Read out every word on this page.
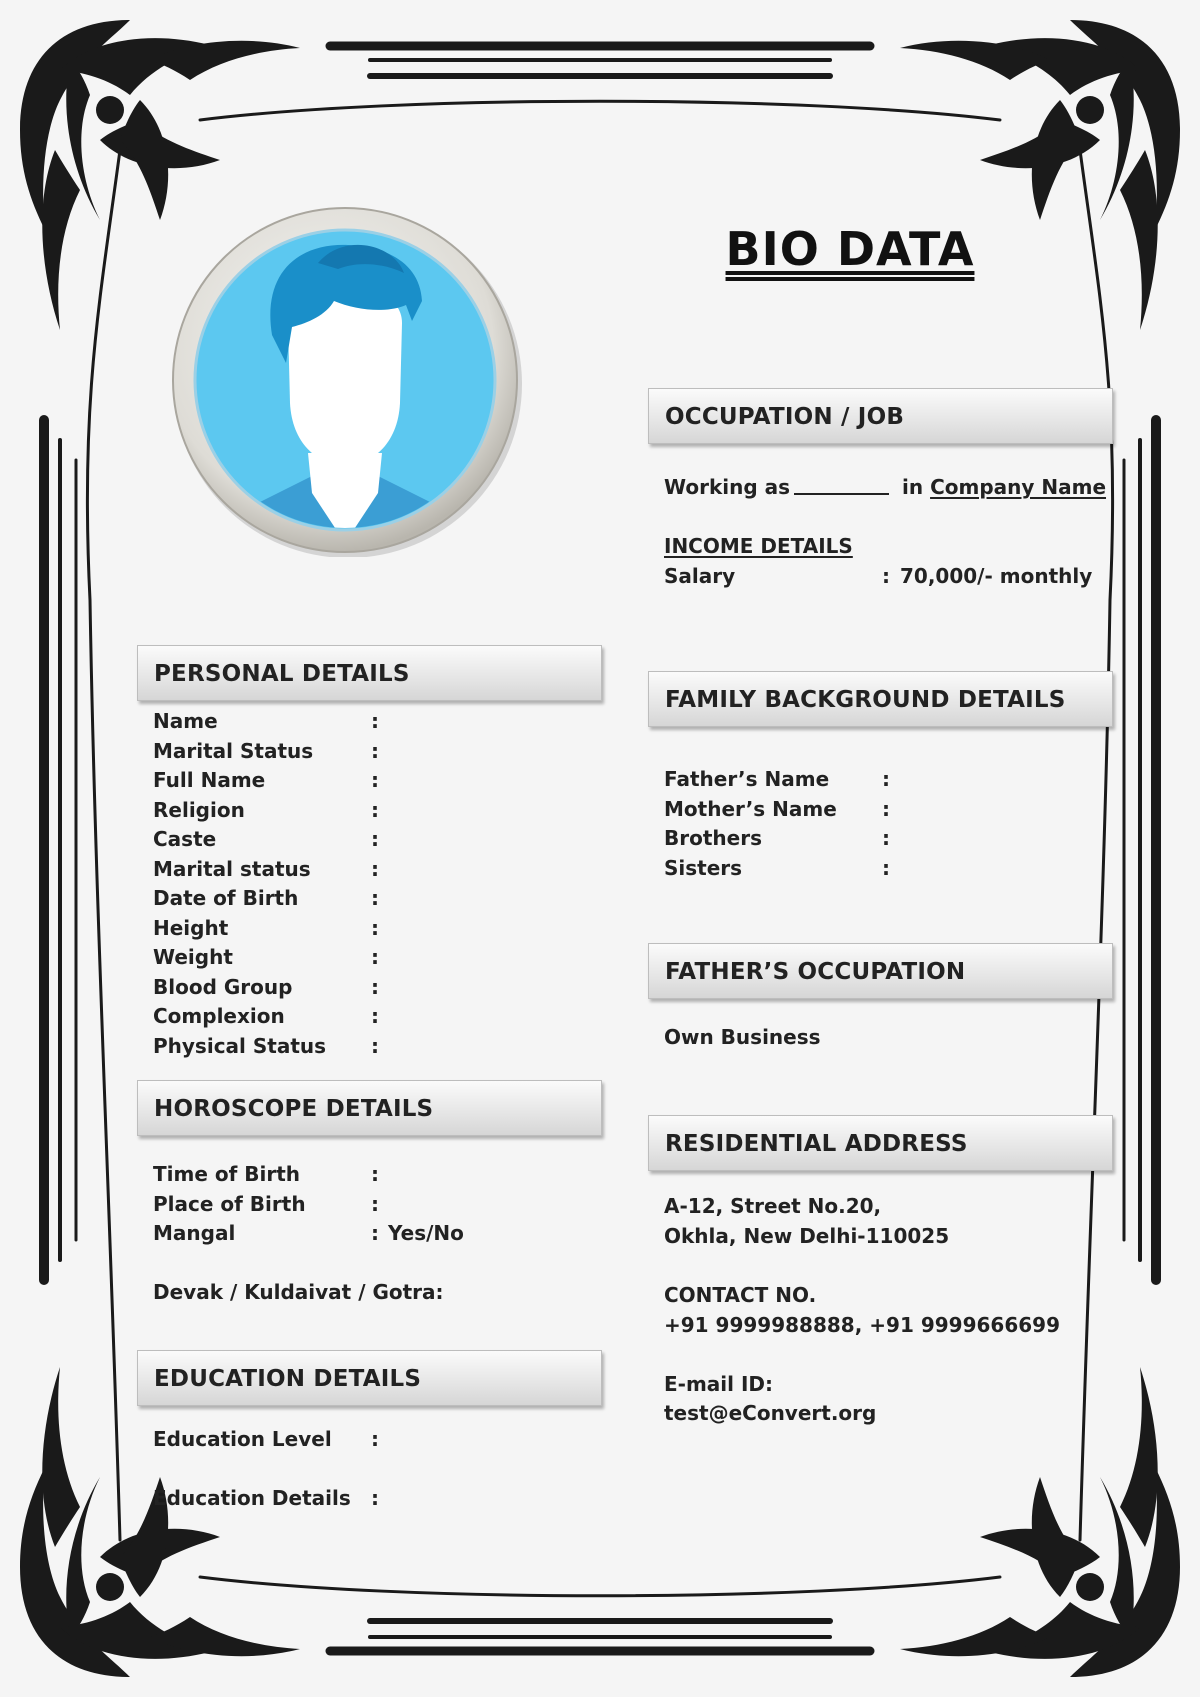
BIO DATA
PERSONAL DETAILS
Name	:
Marital Status	:
Full Name	:
Religion	:
Caste	:
Marital status	:
Date of Birth	:
Height	:
Weight	:
Blood Group	:
Complexion	:
Physical Status :
HOROSCOPE DETAILS
Time of Birth	:
Place of Birth	:
Mangal	: Yes/No
Devak / Kuldaivat / Gotra:
EDUCATION DETAILS
Education Level :
Education Details :
OCCUPATION / JOB
Working as	in Company Name
INCOME DETAILS
Salary	: 70,000/- monthly
FAMILY BACKGROUND DETAILS
Father’s Name	:
Mother’s Name :
Brothers	:
Sisters	:
FATHER’S OCCUPATION
Own Business
RESIDENTIAL ADDRESS
A-12, Street No.20,
Okhla, New Delhi-110025
CONTACT NO.
+91 9999988888, +91 9999666699
E-mail ID:
test@eConvert.org
